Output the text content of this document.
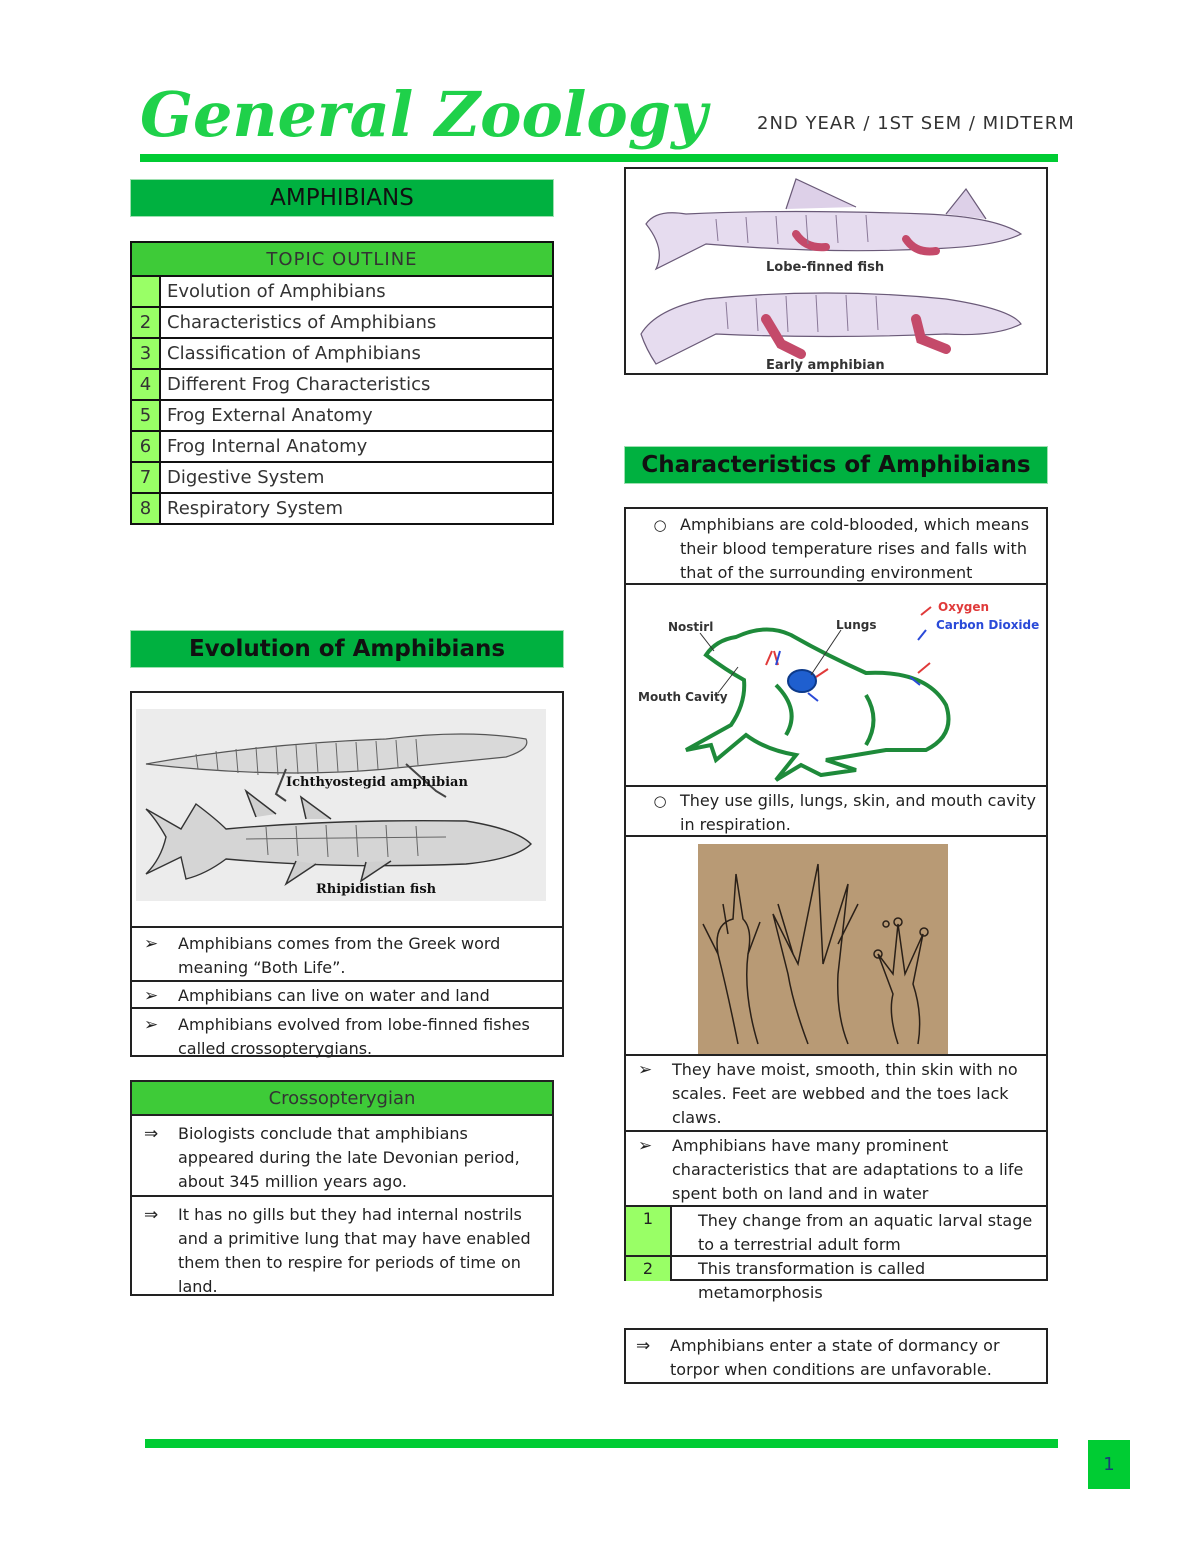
General Zoology	2ND YEAR / 1ST SEM / MIDTERM
AMPHIBIANS
TOPIC OUTLINE	
	Evolution of Amphibians
2	Characteristics of Amphibians
3	Classification of Amphibians
4	Different Frog Characteristics
5	Frog External Anatomy
6	Frog Internal Anatomy
7	Digestive System
8	Respiratory System
Evolution of Amphibians
Ichthyostegid amphibian
Rhipidistian fish
➢	Amphibians comes from the Greek word meaning “Both Life”.
➢	Amphibians can live on water and land
➢	Amphibians evolved from lobe-finned fishes called crossopterygians.
Crossopterygian
⇒	Biologists conclude that amphibians appeared during the late Devonian period, about 345 million years ago.
⇒	It has no gills but they had internal nostrils and a primitive lung that may have enabled them then to respire for periods of time on land.
Lobe-finned fish
Early amphibian
Characteristics of Amphibians
○ Amphibians are cold-blooded, which means their blood temperature rises and falls with that of the surrounding environment
Nostirl	Lungs
Mouth Cavity
Oxygen
Carbon Dioxide
○ They use gills, lungs, skin, and mouth cavity in respiration.
➢	They have moist, smooth, thin skin with no scales. Feet are webbed and the toes lack claws.
➢	Amphibians have many prominent characteristics that are adaptations to a life spent both on land and in water
1	They change from an aquatic larval stage to a terrestrial adult form
2	This transformation is called metamorphosis
⇒	Amphibians enter a state of dormancy or torpor when conditions are unfavorable.
1
